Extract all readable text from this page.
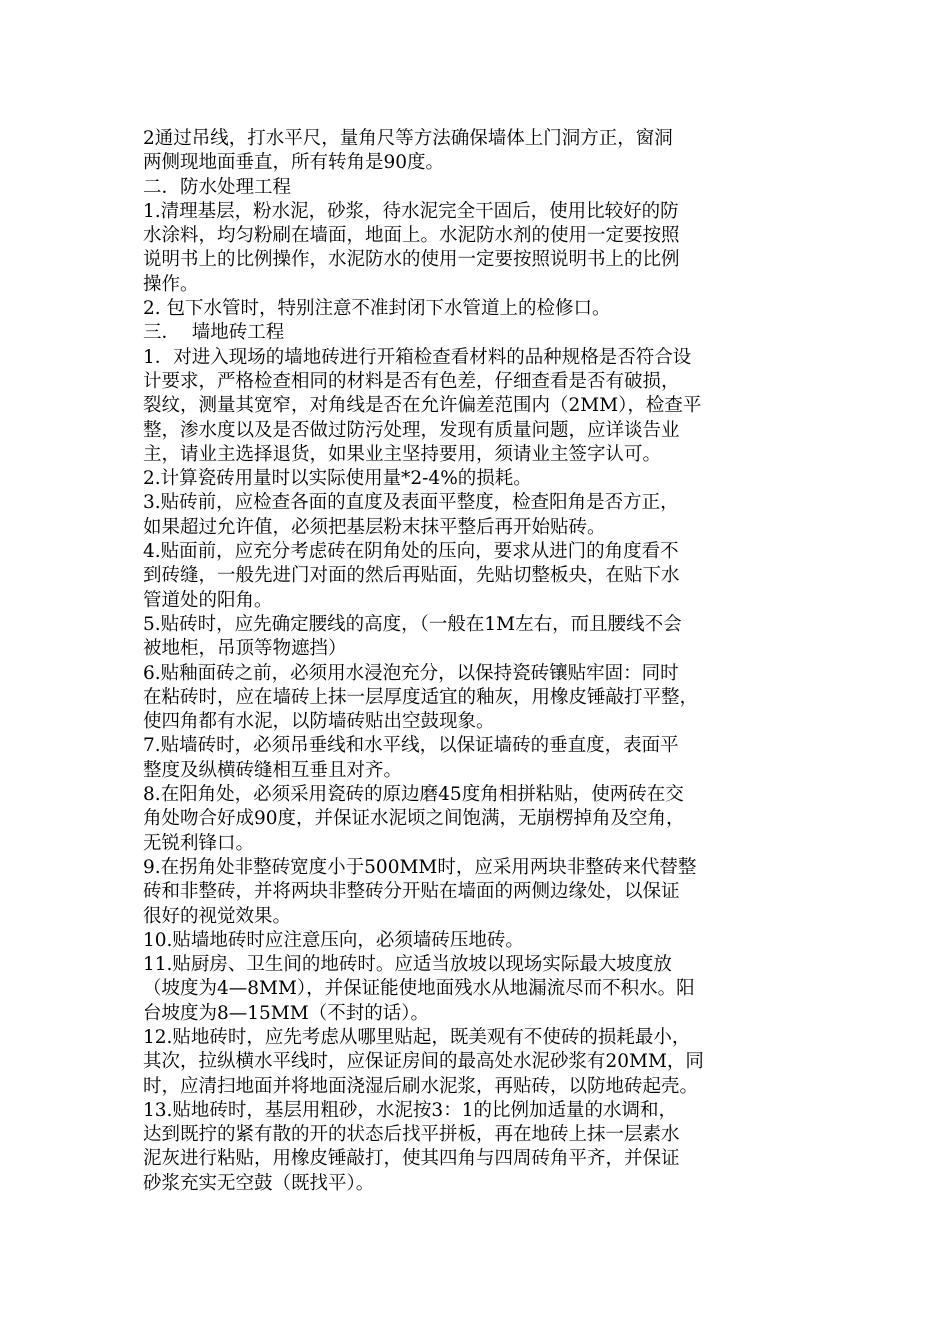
2通过吊线，打水平尺，量角尺等方法确保墙体上门洞方正，窗洞
两侧现地面垂直，所有转角是90度。
二．防水处理工程
1.清理基层，粉水泥，砂浆，待水泥完全干固后，使用比较好的防
水涂料，均匀粉刷在墙面，地面上。水泥防水剂的使用一定要按照
说明书上的比例操作，水泥防水的使用一定要按照说明书上的比例
操作。
2. 包下水管时，特别注意不准封闭下水管道上的检修口。
三．  墙地砖工程
1．对进入现场的墙地砖进行开箱检查看材料的品种规格是否符合设
计要求，严格检查相同的材料是否有色差，仔细查看是否有破损，
裂纹，测量其宽窄，对角线是否在允许偏差范围内（2MM），检查平
整，渗水度以及是否做过防污处理，发现有质量问题，应详谈告业
主，请业主选择退货，如果业主坚持要用，须请业主签字认可。
2.计算瓷砖用量时以实际使用量*2-4%的损耗。
3.贴砖前，应检查各面的直度及表面平整度，检查阳角是否方正，
如果超过允许值，必须把基层粉末抹平整后再开始贴砖。
4.贴面前，应充分考虑砖在阴角处的压向，要求从进门的角度看不
到砖缝，一般先进门对面的然后再贴面，先贴切整板央，在贴下水
管道处的阳角。
5.贴砖时，应先确定腰线的高度，（一般在1M左右，而且腰线不会
被地柜，吊顶等物遮挡）
6.贴釉面砖之前，必须用水浸泡充分，以保持瓷砖镶贴牢固：同时
在粘砖时，应在墙砖上抹一层厚度适宜的釉灰，用橡皮锤敲打平整，
使四角都有水泥，以防墙砖贴出空鼓现象。
7.贴墙砖时，必须吊垂线和水平线，以保证墙砖的垂直度，表面平
整度及纵横砖缝相互垂且对齐。
8.在阳角处，必须采用瓷砖的原边磨45度角相拼粘贴，使两砖在交
角处吻合好成90度，并保证水泥顷之间饱满，无崩楞掉角及空角，
无锐利锋口。
9.在拐角处非整砖宽度小于500MM时，应采用两块非整砖来代替整
砖和非整砖，并将两块非整砖分开贴在墙面的两侧边缘处，以保证
很好的视觉效果。
10.贴墙地砖时应注意压向，必须墙砖压地砖。
11.贴厨房、卫生间的地砖时。应适当放坡以现场实际最大坡度放
（坡度为4—8MM），并保证能使地面残水从地漏流尽而不积水。阳
台坡度为8—15MM（不封的话）。
12.贴地砖时，应先考虑从哪里贴起，既美观有不使砖的损耗最小，
其次，拉纵横水平线时，应保证房间的最高处水泥砂浆有20MM，同
时，应清扫地面并将地面浇湿后刷水泥浆，再贴砖，以防地砖起壳。
13.贴地砖时，基层用粗砂，水泥按3：1的比例加适量的水调和，
达到既拧的紧有散的开的状态后找平拼板，再在地砖上抹一层素水
泥灰进行粘贴，用橡皮锤敲打，使其四角与四周砖角平齐，并保证
砂浆充实无空鼓（既找平）。
